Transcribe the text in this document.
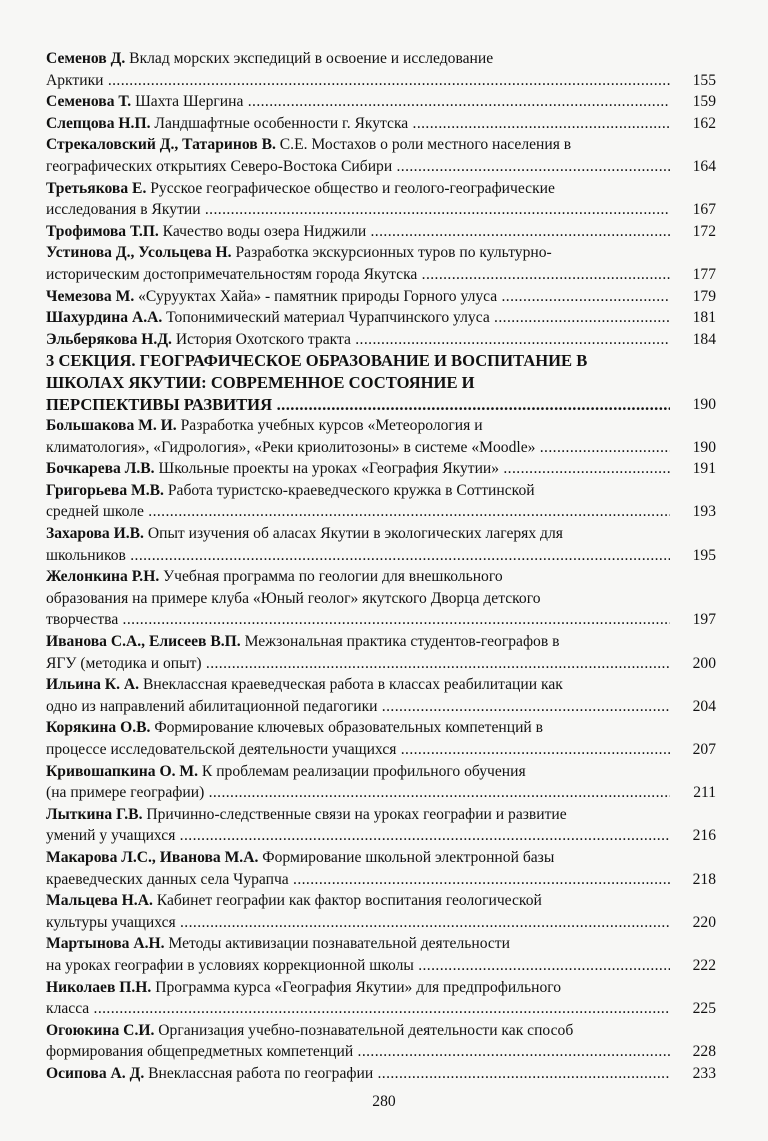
Семенов Д. Вклад морских экспедиций в освоение и исследование
Арктики .....	155
Семенова Т. Шахта Шергина .....	159
Слепцова Н.П. Ландшафтные особенности г. Якутска .....	162
Стрекаловский Д., Татаринов В. С.Е. Мостахов о роли местного населения в
географических открытиях Северо-Востока Сибири .....	164
Третьякова Е. Русское географическое общество и геолого-географические
исследования в Якутии .....	167
Трофимова Т.П. Качество воды озера Ниджили .....	172
Устинова Д., Усольцева Н. Разработка экскурсионных туров по культурно-
историческим достопримечательностям города Якутска .....	177
Чемезова М. «Сурууктах Хайа» - памятник природы Горного улуса .....	179
Шахурдина А.А. Топонимический материал Чурапчинского улуса .....	181
Эльберякова Н.Д. История Охотского тракта .....	184
3 СЕКЦИЯ. ГЕОГРАФИЧЕСКОЕ ОБРАЗОВАНИЕ И ВОСПИТАНИЕ В
ШКОЛАХ ЯКУТИИ: СОВРЕМЕННОЕ СОСТОЯНИЕ И
ПЕРСПЕКТИВЫ РАЗВИТИЯ .....	190
Большакова М. И. Разработка учебных курсов «Метеорология и
климатология», «Гидрология», «Реки криолитозоны» в системе «Moodle» .....	190
Бочкарева Л.В. Школьные проекты на уроках «География Якутии» .....	191
Григорьева М.В. Работа туристско-краеведческого кружка в Соттинской
средней школе .....	193
Захарова И.В. Опыт изучения об аласах Якутии в экологических лагерях для
школьников .....	195
Желонкина Р.Н. Учебная программа по геологии для внешкольного
образования на примере клуба «Юный геолог» якутского Дворца детского
творчества .....	197
Иванова С.А., Елисеев В.П. Межзональная практика студентов-географов в
ЯГУ (методика и опыт) .....	200
Ильина К. А. Внеклассная краеведческая работа в классах реабилитации как
одно из направлений абилитационной педагогики .....	204
Корякина О.В. Формирование ключевых образовательных компетенций в
процессе исследовательской деятельности учащихся .....	207
Кривошапкина О. М. К проблемам реализации профильного обучения
(на примере географии) .....	211
Лыткина Г.В. Причинно-следственные связи на уроках географии и развитие
умений у учащихся .....	216
Макарова Л.С., Иванова М.А. Формирование школьной электронной базы
краеведческих данных села Чурапча .....	218
Мальцева Н.А. Кабинет географии как фактор воспитания геологической
культуры учащихся .....	220
Мартынова А.Н. Методы активизации познавательной деятельности
на уроках географии в условиях коррекционной школы .....	222
Николаев П.Н. Программа курса «География Якутии» для предпрофильного
класса .....	225
Огоюкина С.И. Организация учебно-познавательной деятельности как способ
формирования общепредметных компетенций .....	228
Осипова А. Д. Внеклассная работа по географии .....	233
280
